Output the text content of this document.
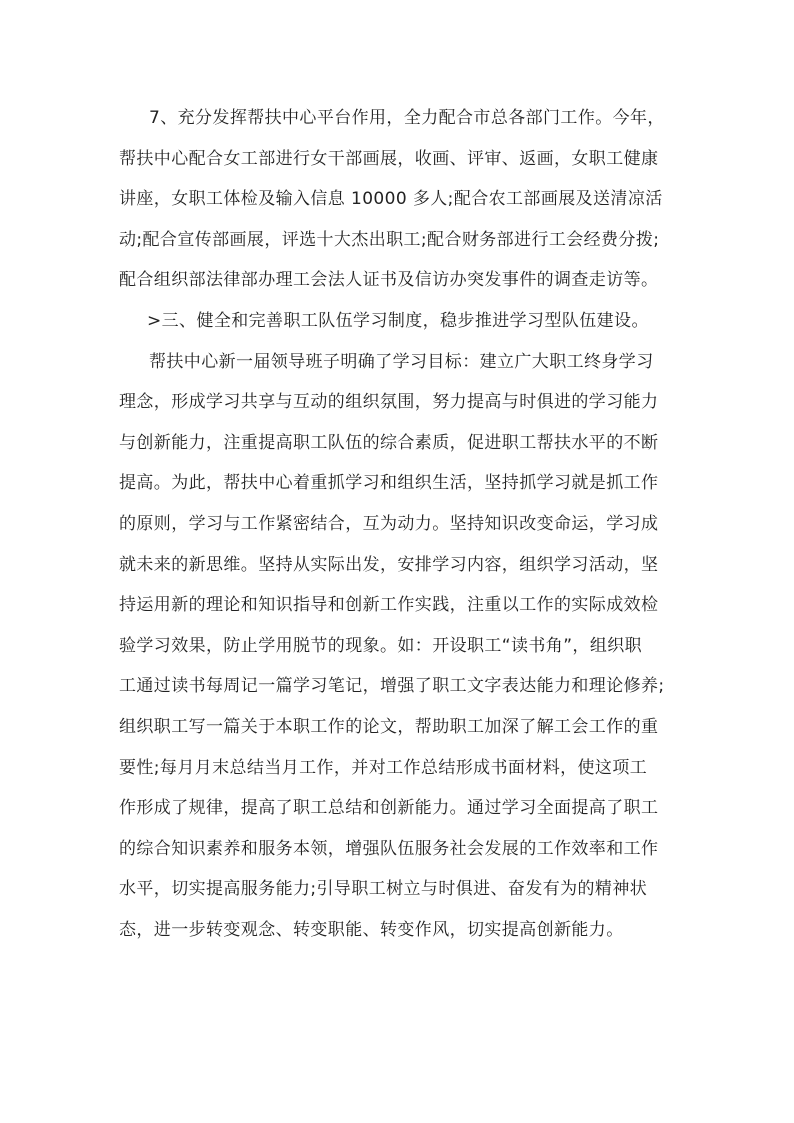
7、充分发挥帮扶中心平台作用，全力配合市总各部门工作。今年，
帮扶中心配合女工部进行女干部画展，收画、评审、返画，女职工健康
讲座，女职工体检及输入信息 10000 多人;配合农工部画展及送清凉活
动;配合宣传部画展，评选十大杰出职工;配合财务部进行工会经费分拨;
配合组织部法律部办理工会法人证书及信访办突发事件的调查走访等。
>三、健全和完善职工队伍学习制度，稳步推进学习型队伍建设。
帮扶中心新一届领导班子明确了学习目标：建立广大职工终身学习
理念，形成学习共享与互动的组织氛围，努力提高与时俱进的学习能力
与创新能力，注重提高职工队伍的综合素质，促进职工帮扶水平的不断
提高。为此，帮扶中心着重抓学习和组织生活，坚持抓学习就是抓工作
的原则，学习与工作紧密结合，互为动力。坚持知识改变命运，学习成
就未来的新思维。坚持从实际出发，安排学习内容，组织学习活动，坚
持运用新的理论和知识指导和创新工作实践，注重以工作的实际成效检
验学习效果，防止学用脱节的现象。如：开设职工“读书角”，组织职
工通过读书每周记一篇学习笔记，增强了职工文字表达能力和理论修养;
组织职工写一篇关于本职工作的论文，帮助职工加深了解工会工作的重
要性;每月月末总结当月工作，并对工作总结形成书面材料，使这项工
作形成了规律，提高了职工总结和创新能力。通过学习全面提高了职工
的综合知识素养和服务本领，增强队伍服务社会发展的工作效率和工作
水平，切实提高服务能力;引导职工树立与时俱进、奋发有为的精神状
态，进一步转变观念、转变职能、转变作风，切实提高创新能力。
